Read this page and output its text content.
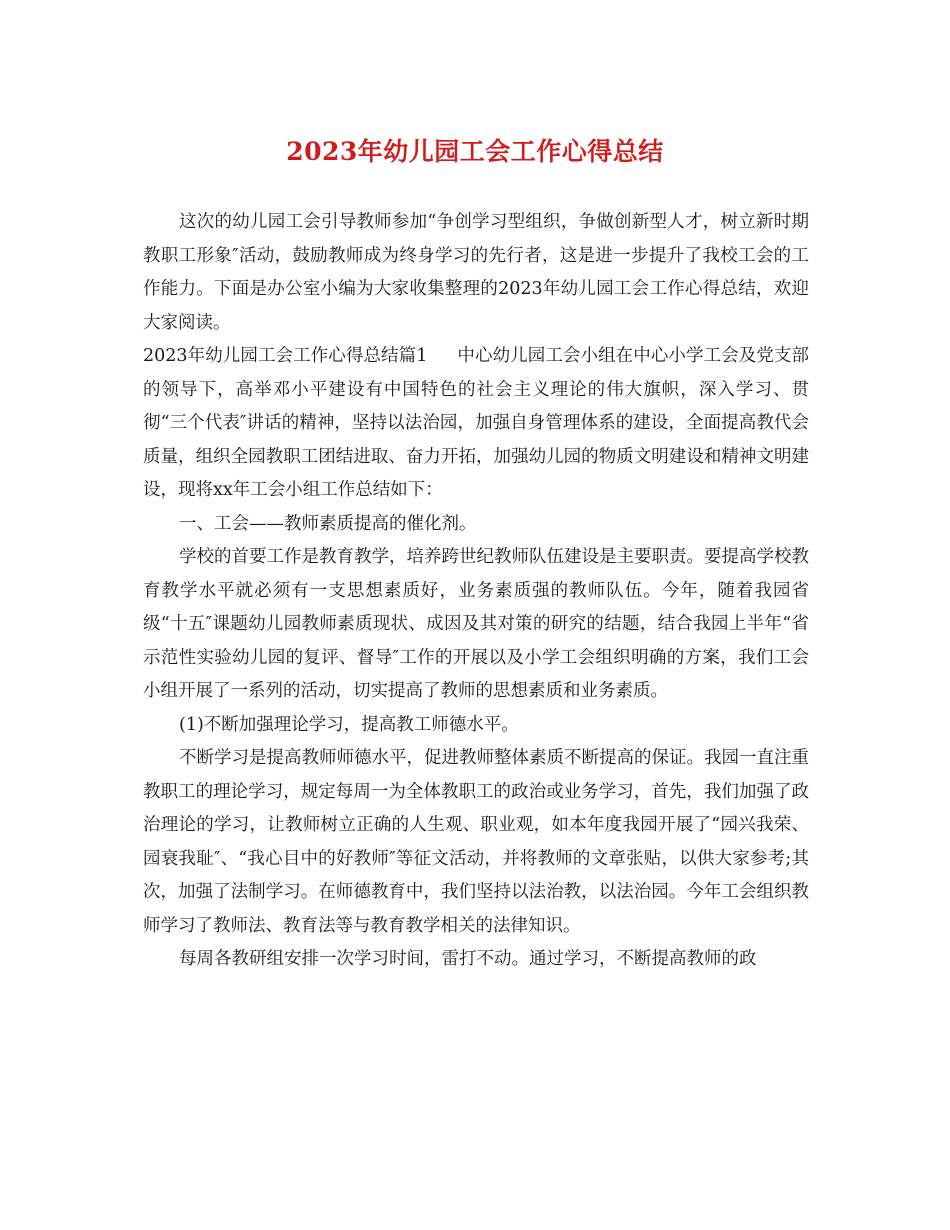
2023年幼儿园工会工作心得总结

这次的幼儿园工会引导教师参加“争创学习型组织，争做创新型人才，树立新时期教职工形象″活动，鼓励教师成为终身学习的先行者，这是进一步提升了我校工会的工作能力。下面是办公室小编为大家收集整理的2023年幼儿园工会工作心得总结，欢迎大家阅读。

2023年幼儿园工会工作心得总结篇1 中心幼儿园工会小组在中心小学工会及党支部的领导下，高举邓小平建设有中国特色的社会主义理论的伟大旗帜，深入学习、贯彻“三个代表″讲话的精神，坚持以法治园，加强自身管理体系的建设，全面提高教代会质量，组织全园教职工团结进取、奋力开拓，加强幼儿园的物质文明建设和精神文明建设，现将xx年工会小组工作总结如下：

一、工会——教师素质提高的催化剂。

学校的首要工作是教育教学，培养跨世纪教师队伍建设是主要职责。要提高学校教育教学水平就必须有一支思想素质好，业务素质强的教师队伍。今年，随着我园省级“十五″课题幼儿园教师素质现状、成因及其对策的研究的结题，结合我园上半年“省示范性实验幼儿园的复评、督导″工作的开展以及小学工会组织明确的方案，我们工会小组开展了一系列的活动，切实提高了教师的思想素质和业务素质。

(1)不断加强理论学习，提高教工师德水平。

不断学习是提高教师师德水平，促进教师整体素质不断提高的保证。我园一直注重教职工的理论学习，规定每周一为全体教职工的政治或业务学习，首先，我们加强了政治理论的学习，让教师树立正确的人生观、职业观，如本年度我园开展了“园兴我荣、园衰我耻″、“我心目中的好教师″等征文活动，并将教师的文章张贴，以供大家参考;其次，加强了法制学习。在师德教育中，我们坚持以法治教，以法治园。今年工会组织教师学习了教师法、教育法等与教育教学相关的法律知识。

每周各教研组安排一次学习时间，雷打不动。通过学习，不断提高教师的政
